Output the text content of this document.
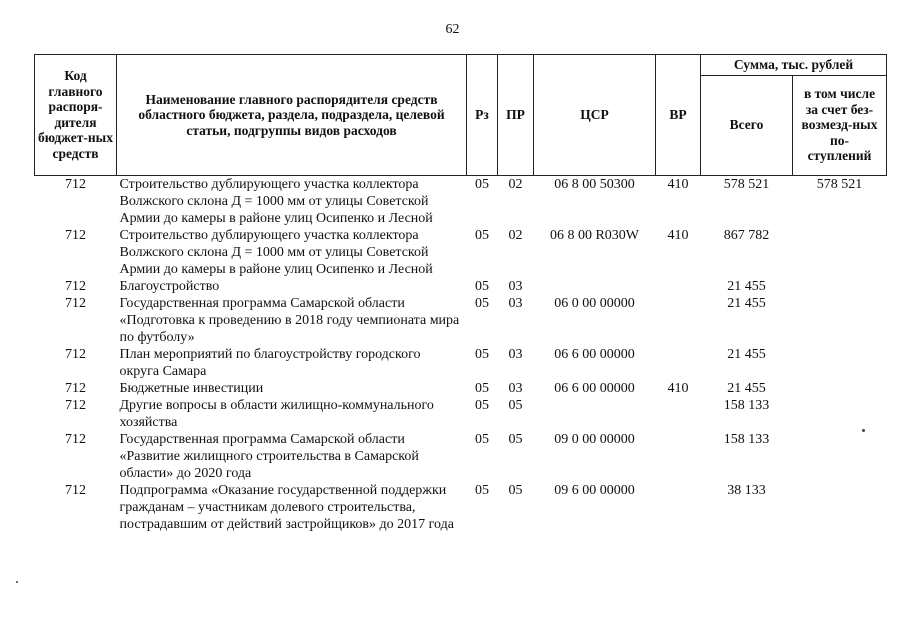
62
Код главного распоря-дителя бюджет-ных средств	Наименование главного распорядителя средств областного бюджета, раздела, подраздела, целевой статьи, подгруппы видов расходов	Рз	ПР	ЦСР	ВР	Сумма, тыс. рублей	
						Всего	в том числе за счет без-возмезд-ных по-ступлений
712	Строительство дублирующего участка коллектора Волжского склона Д = 1000 мм от улицы Советской Армии до камеры в районе улиц Осипенко и Лесной	05	02	06 8 00 50300	410	578 521	578 521
712	Строительство дублирующего участка коллектора Волжского склона Д = 1000 мм от улицы Советской Армии до камеры в районе улиц Осипенко и Лесной	05	02	06 8 00 R030W	410	867 782	
712	Благоустройство	05	03			21 455	
712	Государственная программа Самарской области «Подготовка к проведению в 2018 году чемпионата мира по футболу»	05	03	06 0 00 00000		21 455	
712	План мероприятий по благоустройству городского округа Самара	05	03	06 6 00 00000		21 455	
712	Бюджетные инвестиции	05	03	06 6 00 00000	410	21 455	
712	Другие вопросы в области жилищно-коммунального хозяйства	05	05			158 133	
712	Государственная программа Самарской области «Развитие жилищного строительства в Самарской области» до 2020 года	05	05	09 0 00 00000		158 133	
712	Подпрограмма «Оказание государственной поддержки гражданам – участникам долевого строительства, пострадавшим от действий застройщиков» до 2017 года	05	05	09 6 00 00000		38 133	
